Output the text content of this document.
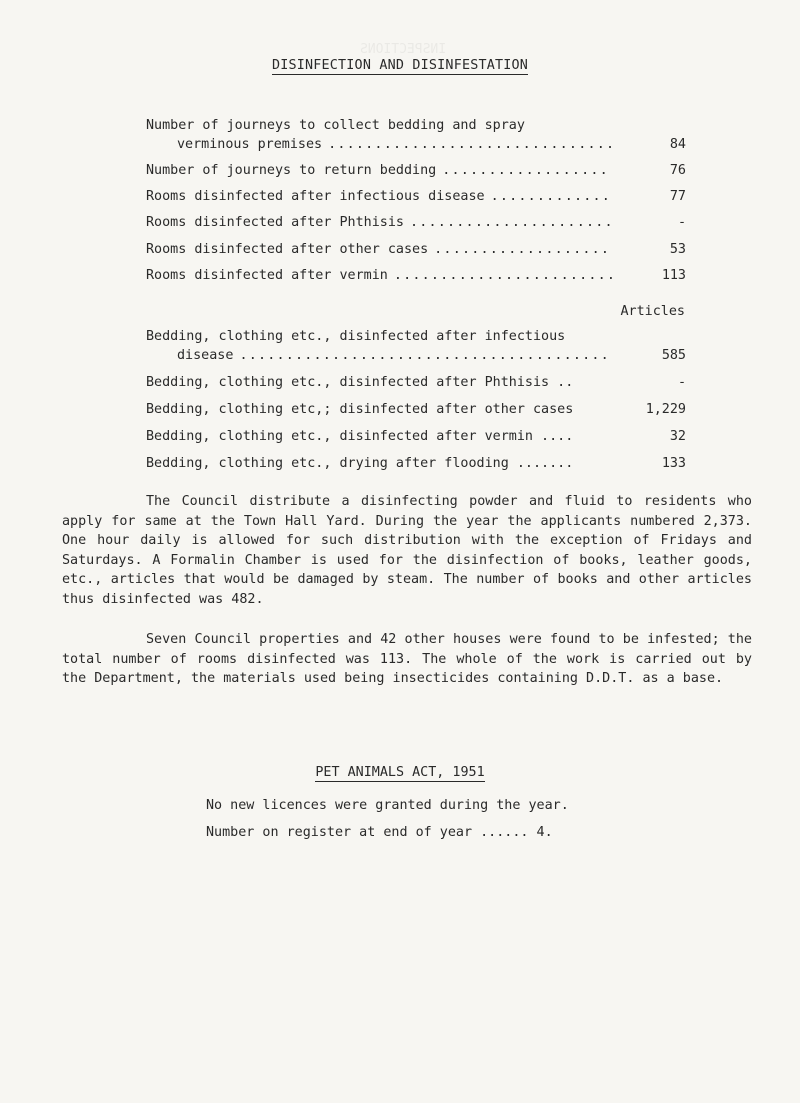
INSPECTIONS
DISINFECTION AND DISINFESTATION
Number of journeys to collect bedding and spray
verminous premises .....	84
Number of journeys to return bedding .....	76
Rooms disinfected after infectious disease .....	77
Rooms disinfected after Phthisis .....	-
Rooms disinfected after other cases .....	53
Rooms disinfected after vermin .....	113
Articles
Bedding, clothing etc., disinfected after infectious
disease .....	585
Bedding, clothing etc., disinfected after Phthisis ..	-
Bedding, clothing etc,; disinfected after other cases	1,229
Bedding, clothing etc., disinfected after vermin ....	32
Bedding, clothing etc., drying after flooding .......	133
The Council distribute a disinfecting powder and fluid to residents who apply for same at the Town Hall Yard. During the year the applicants numbered 2,373. One hour daily is allowed for such distribution with the exception of Fridays and Saturdays. A Formalin Chamber is used for the disinfection of books, leather goods, etc., articles that would be damaged by steam. The number of books and other articles thus disinfected was 482.
Seven Council properties and 42 other houses were found to be infested; the total number of rooms disinfected was 113. The whole of the work is carried out by the Department, the materials used being insecticides containing D.D.T. as a base.
PET ANIMALS ACT, 1951
No new licences were granted during the year.
Number on register at end of year ...... 4.
